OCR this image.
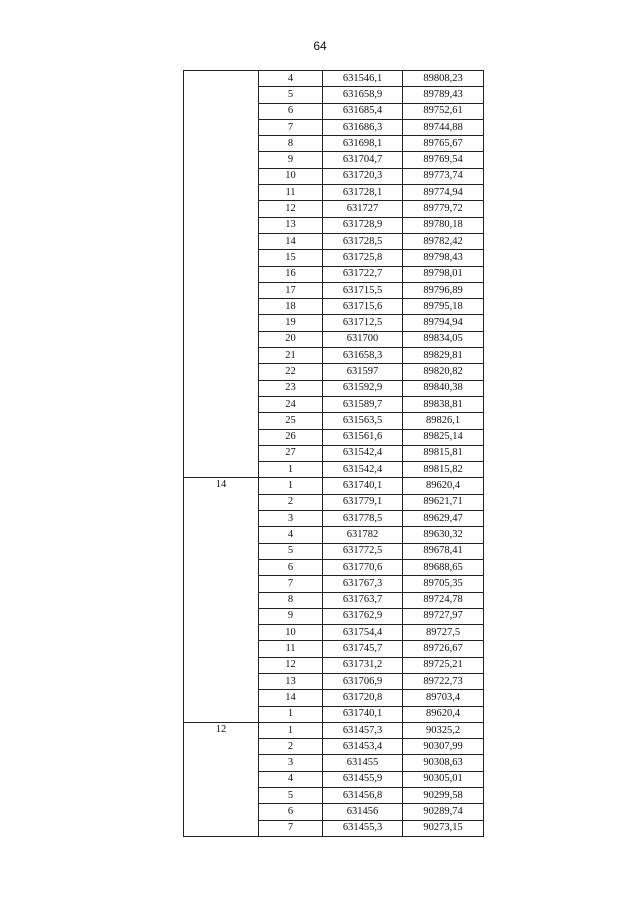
64
	4	631546,1	89808,23
	5	631658,9	89789,43
	6	631685,4	89752,61
	7	631686,3	89744,88
	8	631698,1	89765,67
	9	631704,7	89769,54
	10	631720,3	89773,74
	11	631728,1	89774,94
	12	631727	89779,72
	13	631728,9	89780,18
	14	631728,5	89782,42
	15	631725,8	89798,43
	16	631722,7	89798,01
	17	631715,5	89796,89
	18	631715,6	89795,18
	19	631712,5	89794,94
	20	631700	89834,05
	21	631658,3	89829,81
	22	631597	89820,82
	23	631592,9	89840,38
	24	631589,7	89838,81
	25	631563,5	89826,1
	26	631561,6	89825,14
	27	631542,4	89815,81
	1	631542,4	89815,82
14	1	631740,1	89620,4
	2	631779,1	89621,71
	3	631778,5	89629,47
	4	631782	89630,32
	5	631772,5	89678,41
	6	631770,6	89688,65
	7	631767,3	89705,35
	8	631763,7	89724,78
	9	631762,9	89727,97
	10	631754,4	89727,5
	11	631745,7	89726,67
	12	631731,2	89725,21
	13	631706,9	89722,73
	14	631720,8	89703,4
	1	631740,1	89620,4
12	1	631457,3	90325,2
	2	631453,4	90307,99
	3	631455	90308,63
	4	631455,9	90305,01
	5	631456,8	90299,58
	6	631456	90289,74
	7	631455,3	90273,15
